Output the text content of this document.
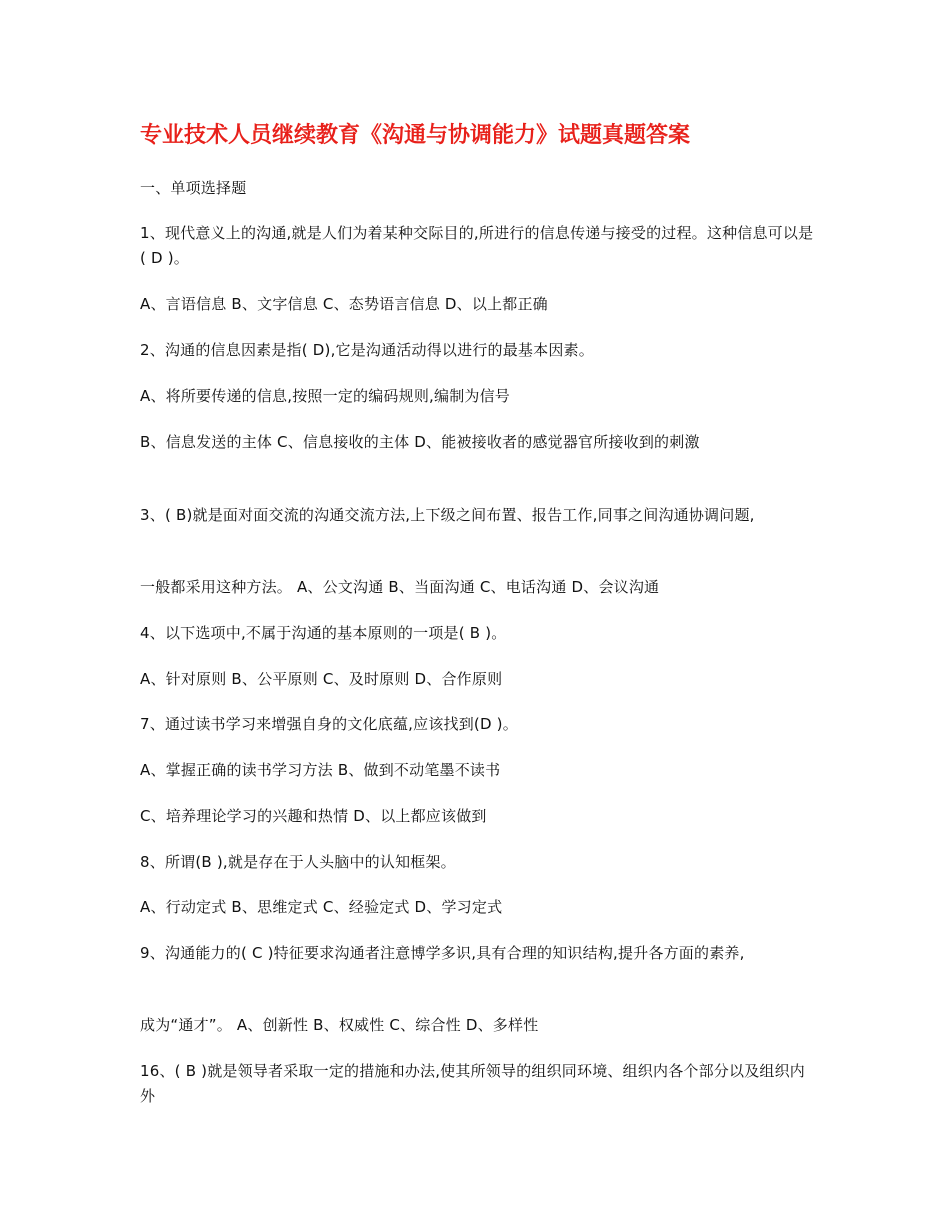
专业技术人员继续教育《沟通与协调能力》试题真题答案

一、单项选择题

1、现代意义上的沟通,就是人们为着某种交际目的,所进行的信息传递与接受的过程。这种信息可以是( D )。

A、言语信息 B、文字信息 C、态势语言信息 D、以上都正确

2、沟通的信息因素是指( D),它是沟通活动得以进行的最基本因素。

A、将所要传递的信息,按照一定的编码规则,编制为信号

B、信息发送的主体 C、信息接收的主体 D、能被接收者的感觉器官所接收到的刺激

3、( B)就是面对面交流的沟通交流方法,上下级之间布置、报告工作,同事之间沟通协调问题,

一般都采用这种方法。 A、公文沟通 B、当面沟通 C、电话沟通 D、会议沟通

4、以下选项中,不属于沟通的基本原则的一项是( B )。

A、针对原则 B、公平原则 C、及时原则 D、合作原则

7、通过读书学习来增强自身的文化底蕴,应该找到(D )。

A、掌握正确的读书学习方法 B、做到不动笔墨不读书

C、培养理论学习的兴趣和热情 D、以上都应该做到

8、所谓(B ),就是存在于人头脑中的认知框架。

A、行动定式 B、思维定式 C、经验定式 D、学习定式

9、沟通能力的( C )特征要求沟通者注意博学多识,具有合理的知识结构,提升各方面的素养,

成为“通才”。 A、创新性 B、权威性 C、综合性 D、多样性

16、( B )就是领导者采取一定的措施和办法,使其所领导的组织同环境、组织内各个部分以及组织内外
